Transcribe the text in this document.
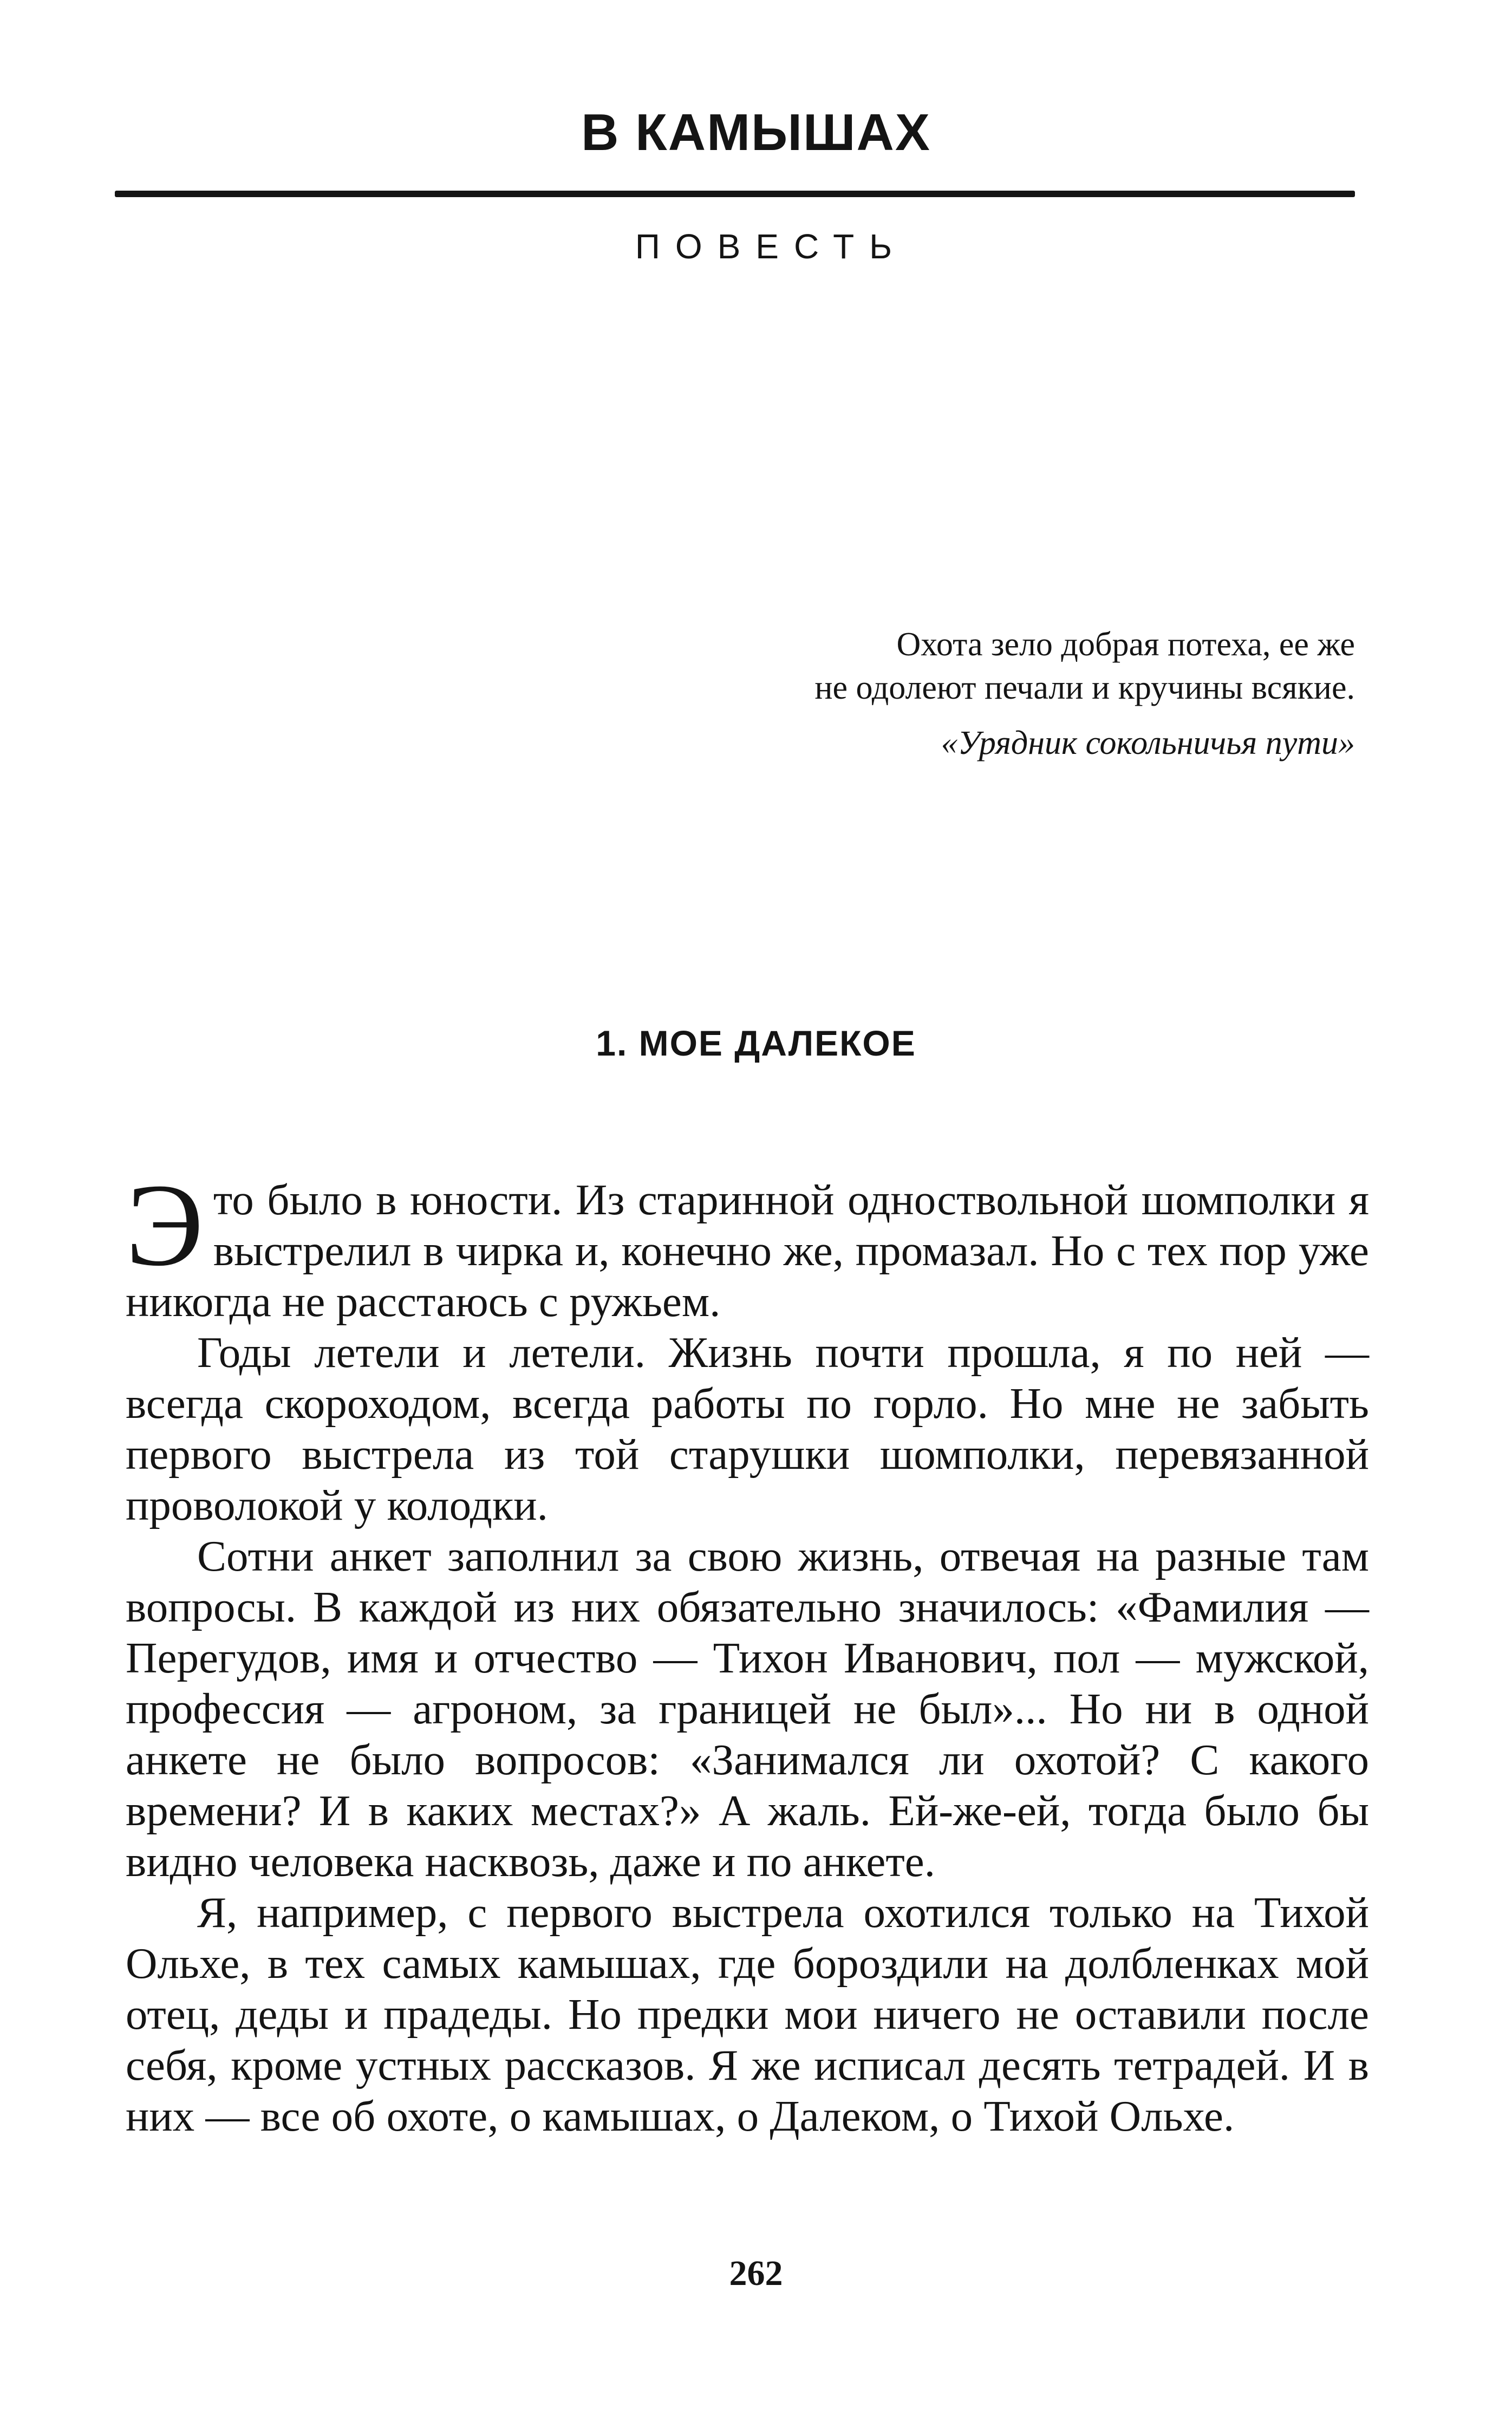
В КАМЫШАХ
ПОВЕСТЬ
Охота зело добрая потеха, ее же
не одолеют печали и кручины всякие.
«Урядник сокольничья пути»
1. МОЕ ДАЛЕКОЕ

Это было в юности. Из старинной одноствольной шомполки я выстрелил в чирка и, конечно же, промазал. Но с тех пор уже никогда не расстаюсь с ружьем.

Годы летели и летели. Жизнь почти прошла, я по ней — всегда скороходом, всегда работы по горло. Но мне не забыть первого выстрела из той старушки шомполки, перевязанной проволокой у колодки.

Сотни анкет заполнил за свою жизнь, отвечая на разные там вопросы. В каждой из них обязательно значилось: «Фамилия — Перегудов, имя и отчество — Тихон Иванович, пол — мужской, профессия — агроном, за границей не был»... Но ни в одной анкете не было вопросов: «Занимался ли охотой? С какого времени? И в каких местах?» А жаль. Ей-же-ей, тогда было бы видно человека насквозь, даже и по анкете.

Я, например, с первого выстрела охотился только на Тихой Ольхе, в тех самых камышах, где бороздили на долбленках мой отец, деды и прадеды. Но предки мои ничего не оставили после себя, кроме устных рассказов. Я же исписал десять тетрадей. И в них — все об охоте, о камышах, о Далеком, о Тихой Ольхе.

262
